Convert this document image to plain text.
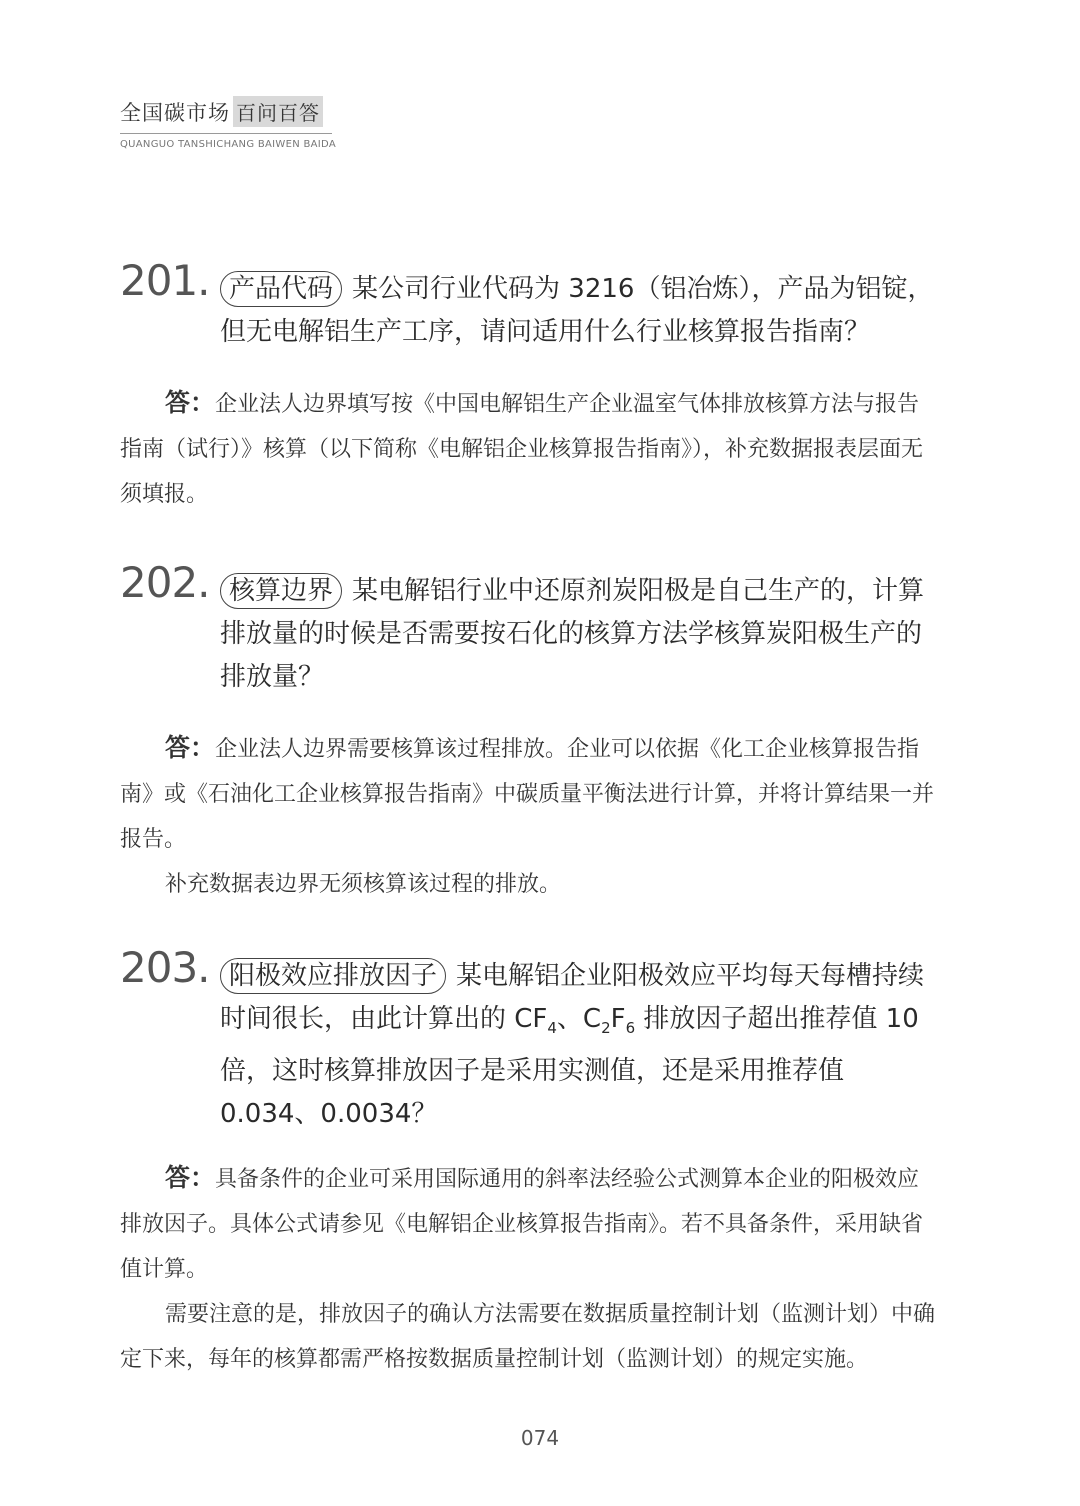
全国碳市场 百问百答
QUANGUO TANSHICHANG BAIWEN BAIDA
201. 产品代码 某公司行业代码为 3216（铝冶炼），产品为铝锭，但无电解铝生产工序，请问适用什么行业核算报告指南？

答：企业法人边界填写按《中国电解铝生产企业温室气体排放核算方法与报告指南（试行）》核算（以下简称《电解铝企业核算报告指南》），补充数据报表层面无须填报。

202. 核算边界 某电解铝行业中还原剂炭阳极是自己生产的，计算排放量的时候是否需要按石化的核算方法学核算炭阳极生产的排放量？

答：企业法人边界需要核算该过程排放。企业可以依据《化工企业核算报告指南》或《石油化工企业核算报告指南》中碳质量平衡法进行计算，并将计算结果一并报告。

补充数据表边界无须核算该过程的排放。

203. 阳极效应排放因子 某电解铝企业阳极效应平均每天每槽持续时间很长，由此计算出的 $CF_4$、$C_2F_6$ 排放因子超出推荐值 10 倍，这时核算排放因子是采用实测值，还是采用推荐值 0.034、0.0034？

答：具备条件的企业可采用国际通用的斜率法经验公式测算本企业的阳极效应排放因子。具体公式请参见《电解铝企业核算报告指南》。若不具备条件，采用缺省值计算。

需要注意的是，排放因子的确认方法需要在数据质量控制计划（监测计划）中确定下来，每年的核算都需严格按数据质量控制计划（监测计划）的规定实施。

074
